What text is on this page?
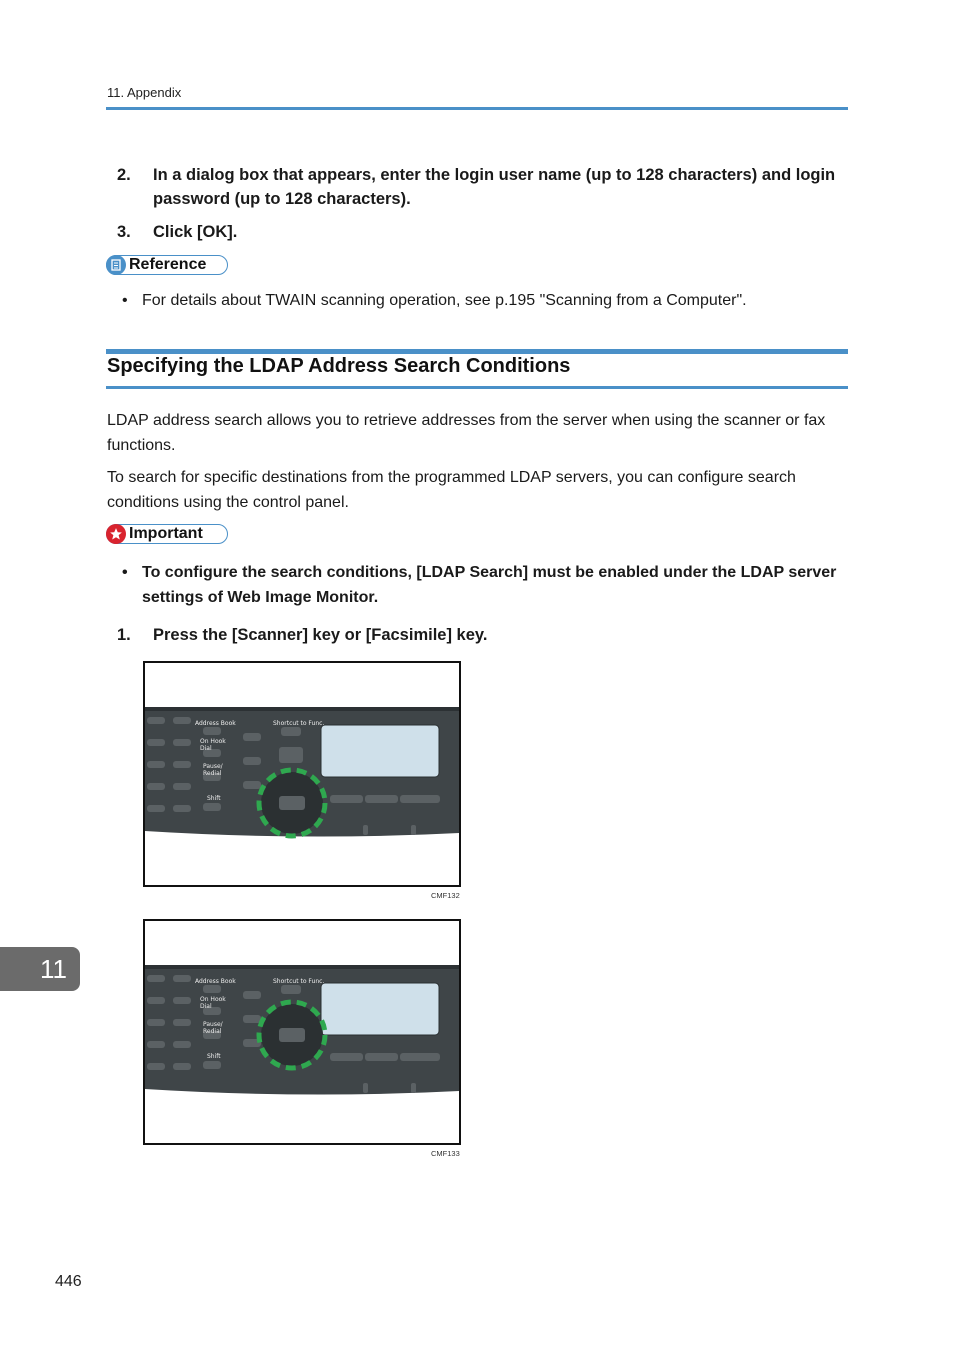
11. Appendix
2. In a dialog box that appears, enter the login user name (up to 128 characters) and login password (up to 128 characters).
3. Click [OK].
Reference
• For details about TWAIN scanning operation, see p.195 "Scanning from a Computer".
Specifying the LDAP Address Search Conditions
LDAP address search allows you to retrieve addresses from the server when using the scanner or fax functions.
To search for specific destinations from the programmed LDAP servers, you can configure search conditions using the control panel.
Important
• To configure the search conditions, [LDAP Search] must be enabled under the LDAP server settings of Web Image Monitor.
1. Press the [Scanner] key or [Facsimile] key.
Address Book	Shortcut to Func.
On Hook
Dial
Pause/
Redial
Shift
CMF132
Address Book	Shortcut to Func.
On Hook
Dial
Pause/
Redial
Shift
CMF133
11
446
